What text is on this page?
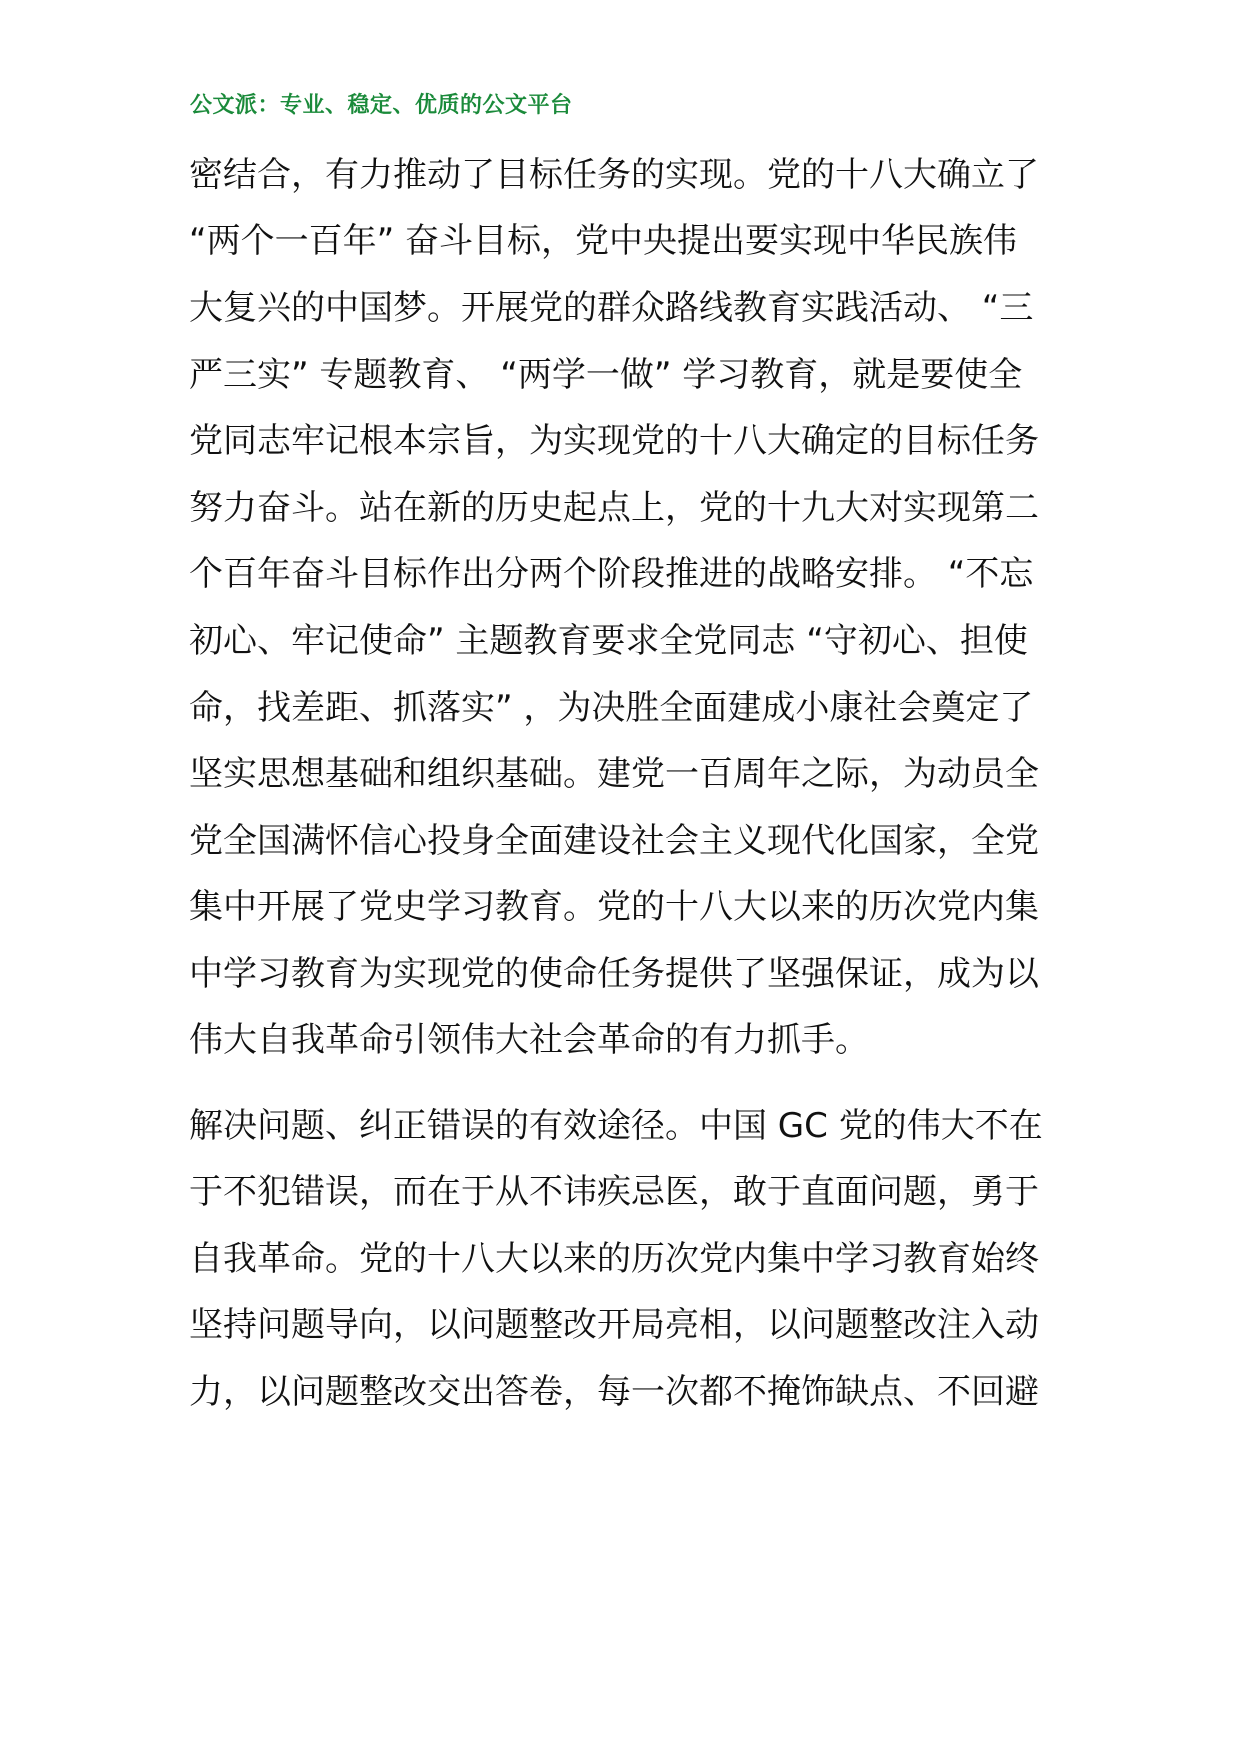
公文派：专业、稳定、优质的公文平台
密结合，有力推动了目标任务的实现。党的十八大确立了
“两个一百年” 奋斗目标，党中央提出要实现中华民族伟
大复兴的中国梦。开展党的群众路线教育实践活动、 “三
严三实” 专题教育、 “两学一做” 学习教育，就是要使全
党同志牢记根本宗旨，为实现党的十八大确定的目标任务
努力奋斗。站在新的历史起点上，党的十九大对实现第二
个百年奋斗目标作出分两个阶段推进的战略安排。 “不忘
初心、牢记使命” 主题教育要求全党同志 “守初心、担使
命，找差距、抓落实” ，为决胜全面建成小康社会奠定了
坚实思想基础和组织基础。建党一百周年之际，为动员全
党全国满怀信心投身全面建设社会主义现代化国家，全党
集中开展了党史学习教育。党的十八大以来的历次党内集
中学习教育为实现党的使命任务提供了坚强保证，成为以
伟大自我革命引领伟大社会革命的有力抓手。
解决问题、纠正错误的有效途径。中国 GC 党的伟大不在
于不犯错误，而在于从不讳疾忌医，敢于直面问题，勇于
自我革命。党的十八大以来的历次党内集中学习教育始终
坚持问题导向，以问题整改开局亮相，以问题整改注入动
力，以问题整改交出答卷，每一次都不掩饰缺点、不回避
